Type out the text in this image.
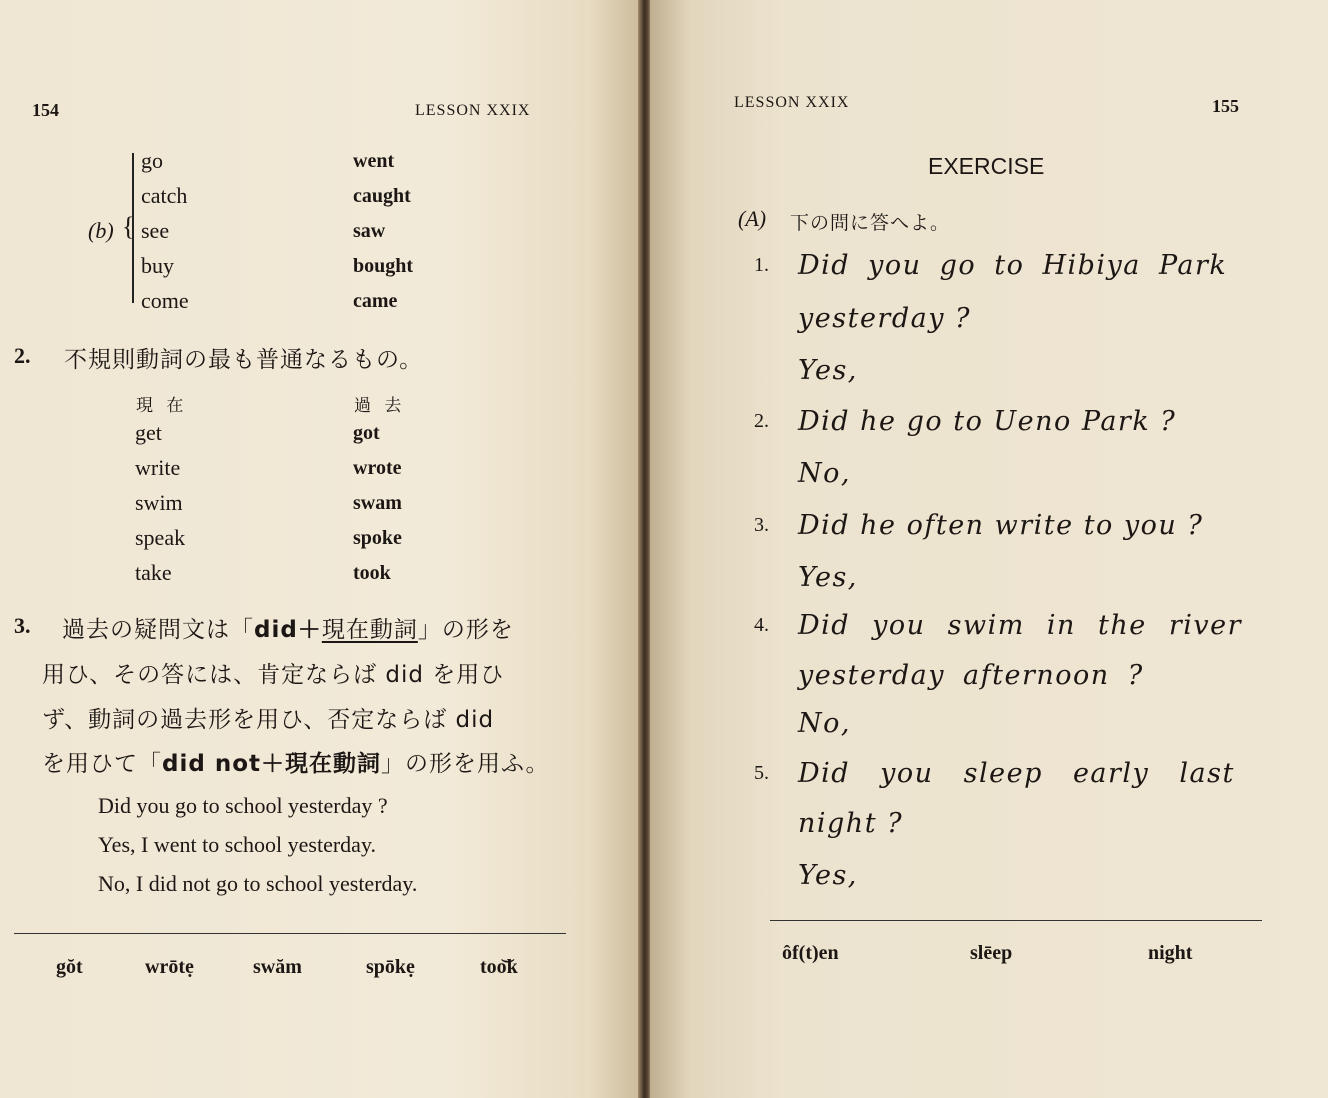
154	LESSON XXIX
(b) {
go	went
catch	caught
see	saw
buy	bought
come	came
2. 不規則動詞の最も普通なるもの。
現 在	過 去
get	got
write	wrote
swim	swam
speak	spoke
take	took
3. 過去の疑問文は「did＋現在動詞」の形を
用ひ、その答には、肯定ならば did を用ひ
ず、動詞の過去形を用ひ、否定ならば did
を用ひて「did not＋現在動詞」の形を用ふ。
Did you go to school yesterday ?
Yes, I went to school yesterday.
No, I did not go to school yesterday.
gŏt	wrōtẹ	swăm	spōkẹ	too͝k
LESSON XXIX	155
EXERCISE
(A) 下の問に答へよ。
1. Did you go to Hibiya Park
yesterday ?
Yes,
2. Did he go to Ueno Park ?
No,
3. Did he often write to you ?
Yes,
4. Did you swim in the river
yesterday afternoon ?
No,
5. Did you sleep early last
night ?
Yes,
ôf(t)en	slēep	night
